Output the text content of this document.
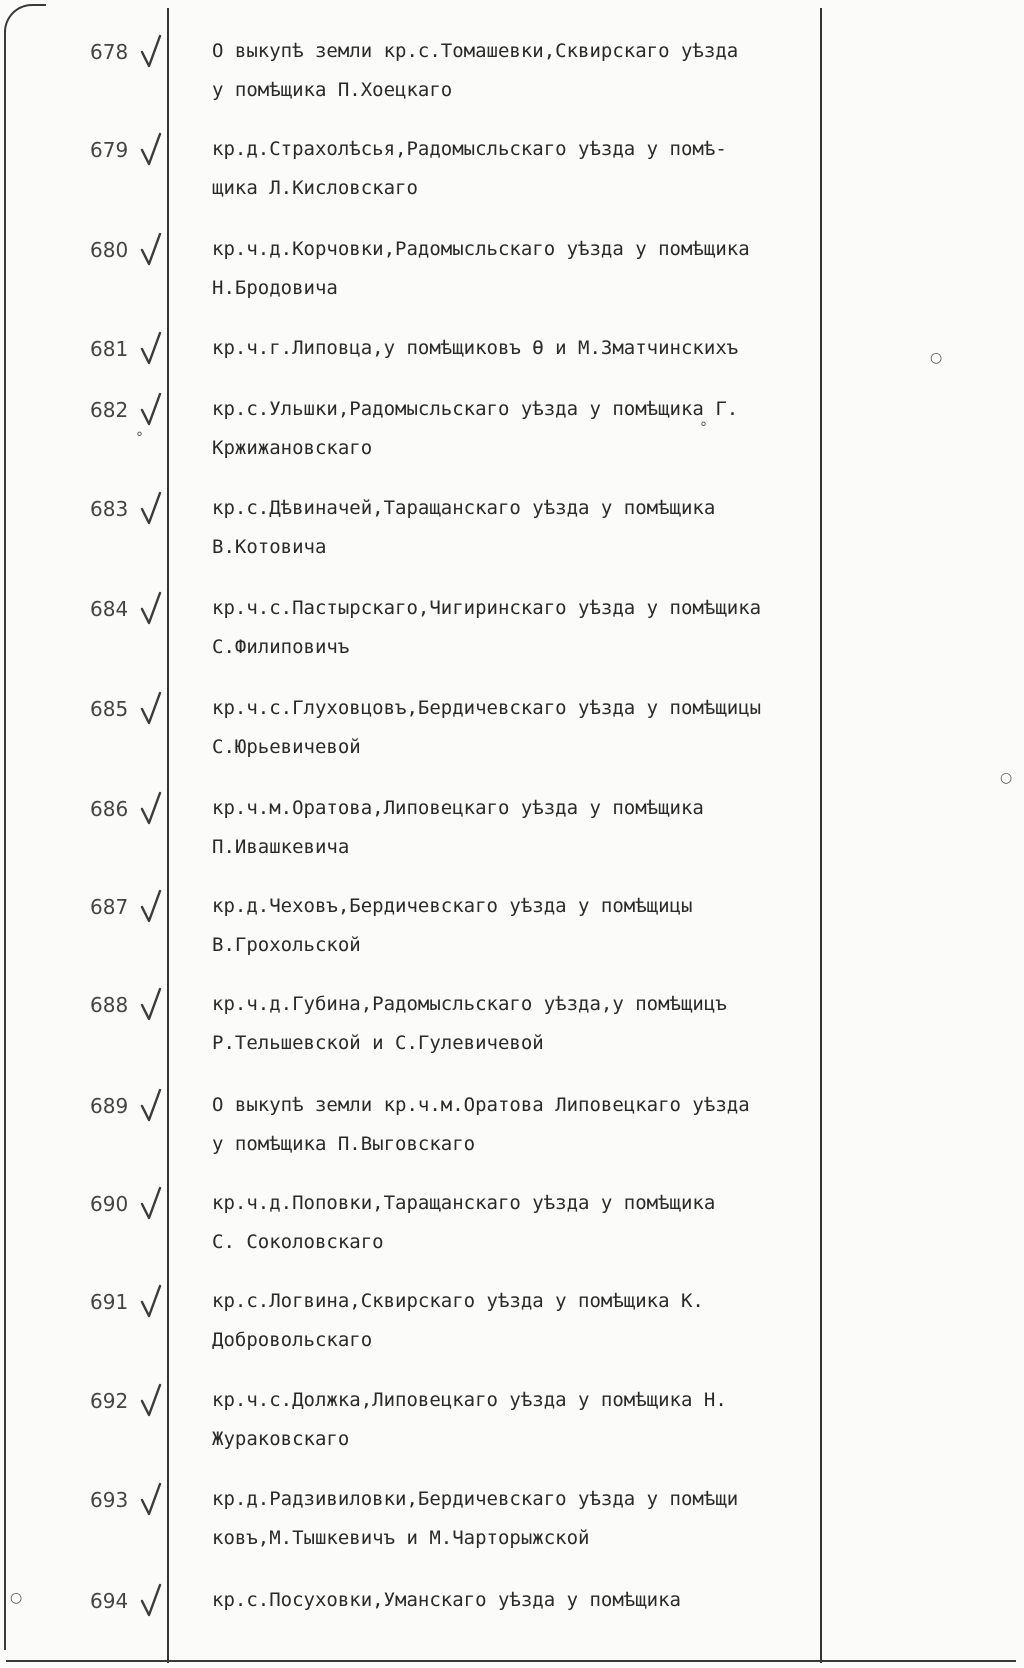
678	О выкупѣ земли кр.с.Томашевки,Сквирскаго уѣзда
у помѣщика П.Хоецкаго
679	кр.д.Страхолѣсья,Радомысльскаго уѣзда у помѣ-
щика Л.Кисловскаго
680	кр.ч.д.Корчовки,Радомысльскаго уѣзда у помѣщика
Н.Бродовича
681	кр.ч.г.Липовца,у помѣщиковъ Ѳ и М.Зматчинскихъ
682	кр.с.Ульшки,Радомысльскаго уѣзда у помѣщика Г.
Кржижановскаго
683	кр.с.Дѣвиначей,Таращанскаго уѣзда у помѣщика
В.Котовича
684	кр.ч.с.Пастырскаго,Чигиринскаго уѣзда у помѣщика
С.Филиповичъ
685	кр.ч.с.Глуховцовъ,Бердичевскаго уѣзда у помѣщицы
С.Юрьевичевой
686	кр.ч.м.Оратова,Липовецкаго уѣзда у помѣщика
П.Ивашкевича
687	кр.д.Чеховъ,Бердичевскаго уѣзда у помѣщицы
В.Грохольской
688	кр.ч.д.Губина,Радомысльскаго уѣзда,у помѣщицъ
Р.Тельшевской и С.Гулевичевой
689	О выкупѣ земли кр.ч.м.Оратова Липовецкаго уѣзда
у помѣщика П.Выговскаго
690	кр.ч.д.Поповки,Таращанскаго уѣзда у помѣщика
С. Соколовскаго
691	кр.с.Логвина,Сквирскаго уѣзда у помѣщика К.
Добровольскаго
692	кр.ч.с.Должка,Липовецкаго уѣзда у помѣщика Н.
Жураковскаго
693	кр.д.Радзивиловки,Бердичевскаго уѣзда у помѣщи
ковъ,М.Тышкевичъ и М.Чарторыжской
694	кр.с.Посуховки,Уманскаго уѣзда у помѣщика
○
○
○
°
°
